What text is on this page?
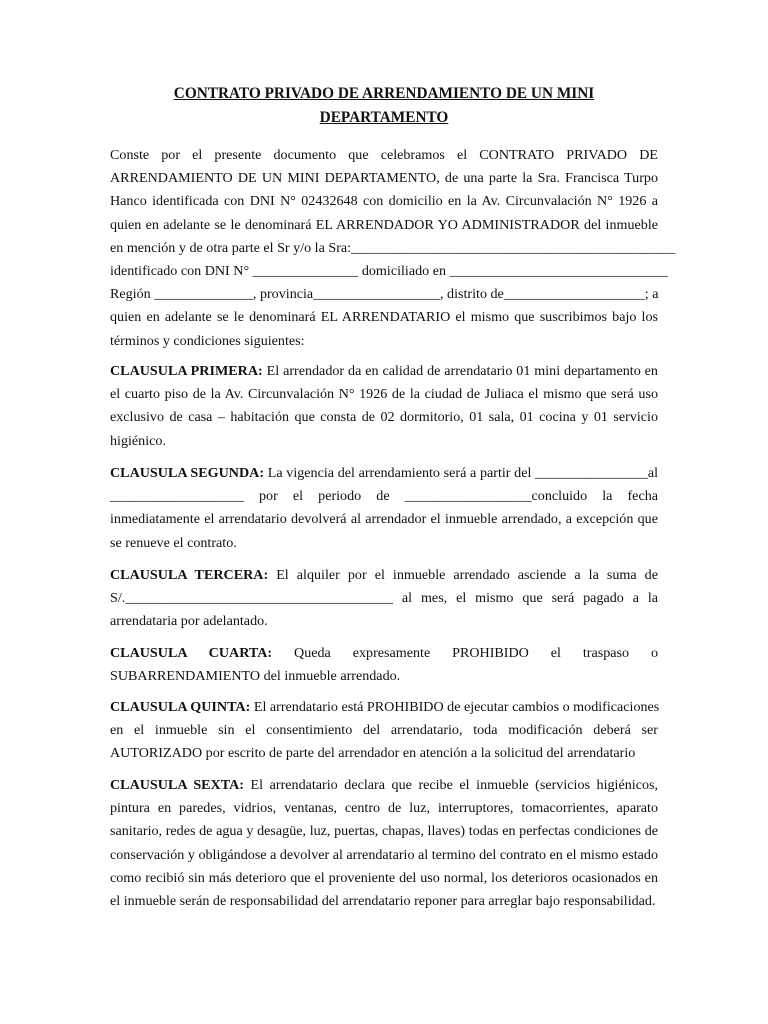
CONTRATO PRIVADO DE ARRENDAMIENTO DE UN MINI
DEPARTAMENTO

Conste por el presente documento que celebramos el CONTRATO PRIVADO DE
ARRENDAMIENTO DE UN MINI DEPARTAMENTO, de una parte la Sra. Francisca Turpo
Hanco identificada con DNI N° 02432648 con domicilio en la Av. Circunvalación N° 1926 a
quien en adelante se le denominará EL ARRENDADOR YO ADMINISTRADOR del inmueble
en mención y de otra parte el Sr y/o la Sra:______________________________________________
identificado con DNI N° _______________ domiciliado en _______________________________
Región ______________, provincia__________________, distrito de____________________; a
quien en adelante se le denominará EL ARRENDATARIO el mismo que suscribimos bajo los
términos y condiciones siguientes:

CLAUSULA PRIMERA: El arrendador da en calidad de arrendatario 01 mini departamento en
el cuarto piso de la Av. Circunvalación N° 1926 de la ciudad de Juliaca el mismo que será uso
exclusivo de casa – habitación que consta de 02 dormitorio, 01 sala, 01 cocina y 01 servicio
higiénico.

CLAUSULA SEGUNDA: La vigencia del arrendamiento será a partir del ________________al
___________________ por el periodo de __________________concluido la fecha
inmediatamente el arrendatario devolverá al arrendador el inmueble arrendado, a excepción que
se renueve el contrato.

CLAUSULA TERCERA: El alquiler por el inmueble arrendado asciende a la suma de
S/.______________________________________ al mes, el mismo que será pagado a la
arrendataria por adelantado.

CLAUSULA CUARTA: Queda expresamente PROHIBIDO el traspaso o
SUBARRENDAMIENTO del inmueble arrendado.

CLAUSULA QUINTA: El arrendatario está PROHIBIDO de ejecutar cambios o modificaciones
en el inmueble sin el consentimiento del arrendatario, toda modificación deberá ser
AUTORIZADO por escrito de parte del arrendador en atención a la solicitud del arrendatario

CLAUSULA SEXTA: El arrendatario declara que recibe el inmueble (servicios higiénicos,
pintura en paredes, vidrios, ventanas, centro de luz, interruptores, tomacorrientes, aparato
sanitario, redes de agua y desagüe, luz, puertas, chapas, llaves) todas en perfectas condiciones de
conservación y obligándose a devolver al arrendatario al termino del contrato en el mismo estado
como recibió sin más deterioro que el proveniente del uso normal, los deterioros ocasionados en
el inmueble serán de responsabilidad del arrendatario reponer para arreglar bajo responsabilidad.
